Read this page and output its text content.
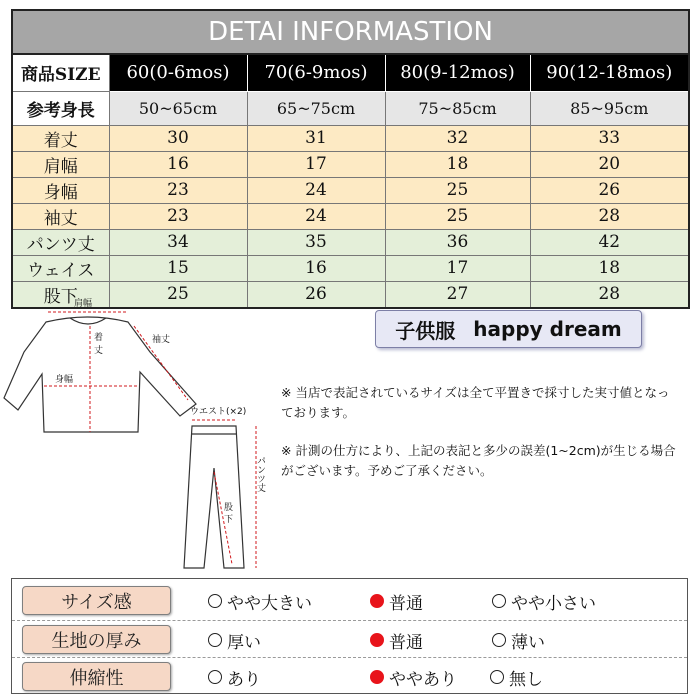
DETAI INFORMASTION				
商品SIZE	60(0-6mos)	70(6-9mos)	80(9-12mos)	90(12-18mos)
参考身長	50~65cm	65~75cm	75~85cm	85~95cm
着丈	30	31	32	33
肩幅	16	17	18	20
身幅	23	24	25	26
袖丈	23	24	25	28
パンツ丈	34	35	36	42
ウェイス	15	16	17	18
股下	25	26	27	28
肩幅
着
丈
身幅
袖丈
ウエスト(×2)
パンツ丈
股
下
子供服 happy dream

※ 当店で表記されているサイズは全て平置きで採寸した実寸値となっております。

※ 計測の仕方により、上記の表記と多少の誤差(1~2cm)が生じる場合がございます。予めご了承ください。

サイズ感	やや大きい	普通	やや小さい
生地の厚み	厚い	普通	薄い
伸縮性	あり	ややあり	無し
